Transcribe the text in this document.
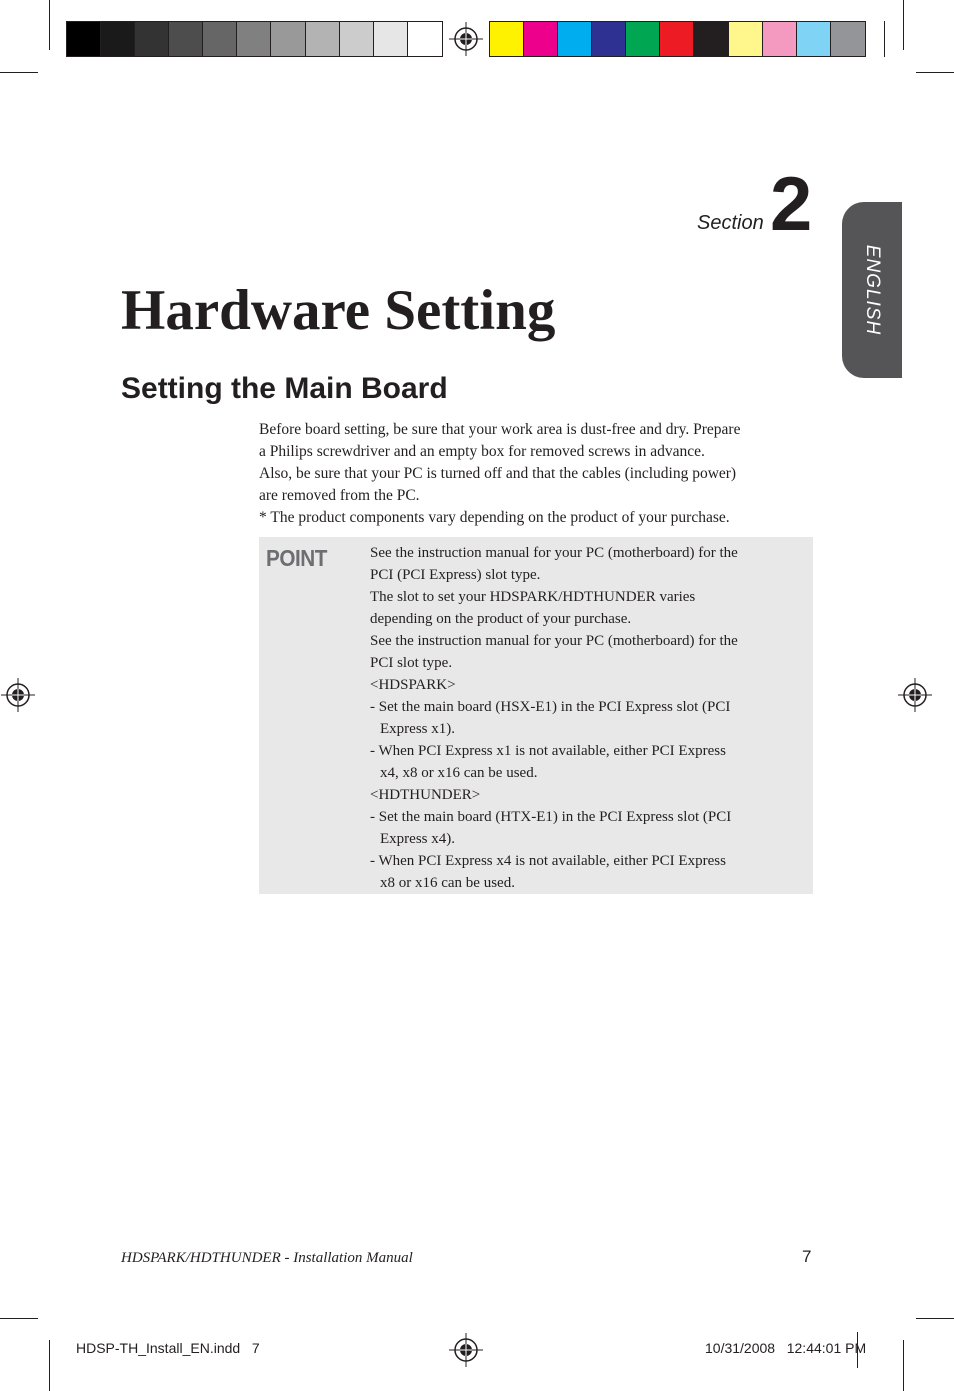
ENGLISH
Section 2
Hardware Setting
Setting the Main Board
Before board setting, be sure that your work area is dust-free and dry. Prepare
a Philips screwdriver and an empty box for removed screws in advance.
Also, be sure that your PC is turned off and that the cables (including power)
are removed from the PC.
* The product components vary depending on the product of your purchase.
POINT	See the instruction manual for your PC (motherboard) for the
PCI (PCI Express) slot type.
The slot to set your HDSPARK/HDTHUNDER varies
depending on the product of your purchase.
See the instruction manual for your PC (motherboard) for the
PCI slot type.
<HDSPARK>
- Set the main board (HSX-E1) in the PCI Express slot (PCI
Express x1).
- When PCI Express x1 is not available, either PCI Express
x4, x8 or x16 can be used.
<HDTHUNDER>
- Set the main board (HTX-E1) in the PCI Express slot (PCI
Express x4).
- When PCI Express x4 is not available, either PCI Express
x8 or x16 can be used.
HDSPARK/HDTHUNDER - Installation Manual	7
HDSP-TH_Install_EN.indd   7	10/31/2008   12:44:01 PM
